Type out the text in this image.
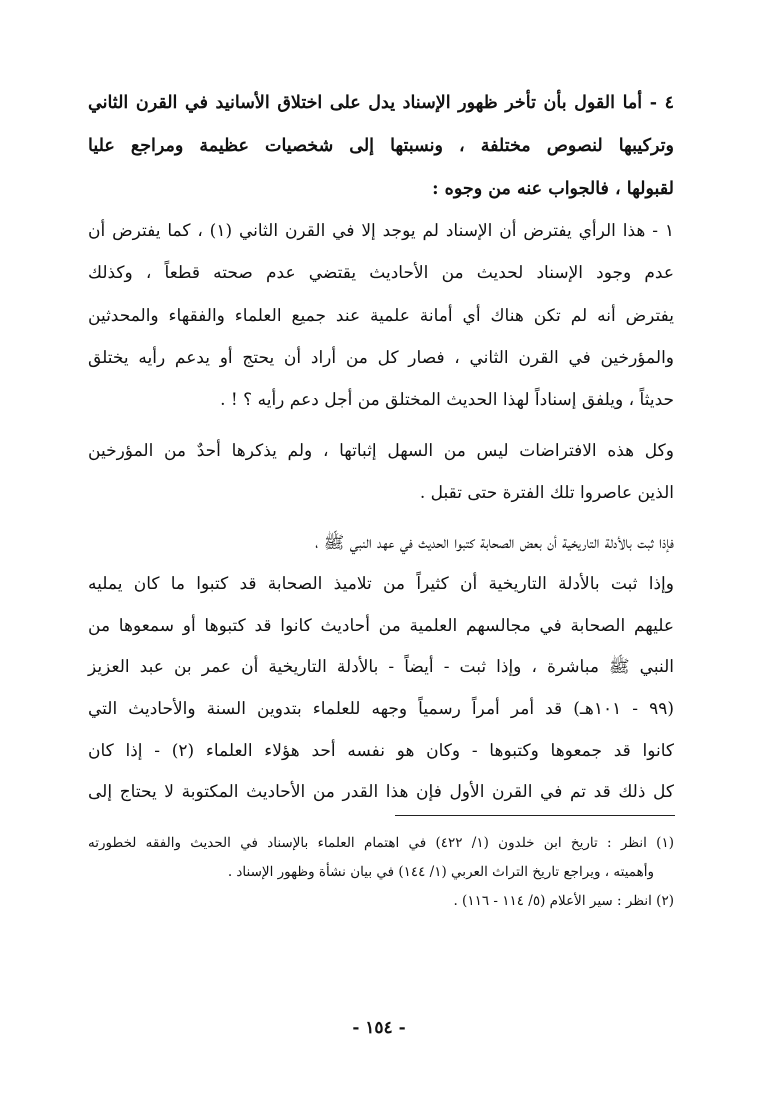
٤ - أما القول بأن تأخر ظهور الإسناد يدل على اختلاق الأسانيد في القرن الثاني
وتركيبها لنصوص مختلفة ، ونسبتها إلى شخصيات عظيمة ومراجع عليا
لقبولها ، فالجواب عنه من وجوه :
١ - هذا الرأي يفترض أن الإسناد لم يوجد إلا في القرن الثاني (١) ، كما يفترض أن
عدم وجود الإسناد لحديث من الأحاديث يقتضي عدم صحته قطعاً ، وكذلك
يفترض أنه لم تكن هناك أي أمانة علمية عند جميع العلماء والفقهاء والمحدثين
والمؤرخين في القرن الثاني ، فصار كل من أراد أن يحتج أو يدعم رأيه يختلق
حديثاً ، ويلفق إسناداً لهذا الحديث المختلق من أجل دعم رأيه ؟ ! .
وكل هذه الافتراضات ليس من السهل إثباتها ، ولم يذكرها أحدٌ من المؤرخين
الذين عاصروا تلك الفترة حتى تقبل .
فإذا ثبت بالأدلة التاريخية أن بعض الصحابة كتبوا الحديث في عهد النبي ﷺ ،
وإذا ثبت بالأدلة التاريخية أن كثيراً من تلاميذ الصحابة قد كتبوا ما كان يمليه
عليهم الصحابة في مجالسهم العلمية من أحاديث كانوا قد كتبوها أو سمعوها من
النبي ﷺ مباشرة ، وإذا ثبت - أيضاً - بالأدلة التاريخية أن عمر بن عبد العزيز
(٩٩ - ١٠١هـ) قد أمر أمراً رسمياً وجهه للعلماء بتدوين السنة والأحاديث التي
كانوا قد جمعوها وكتبوها - وكان هو نفسه أحد هؤلاء العلماء (٢) - إذا كان
كل ذلك قد تم في القرن الأول فإن هذا القدر من الأحاديث المكتوبة لا يحتاج إلى
(١) انظر : تاريخ ابن خلدون (١/ ٤٢٢) في اهتمام العلماء بالإسناد في الحديث والفقه لخطورته
وأهميته ، ويراجع تاريخ التراث العربي (١/ ١٤٤) في بيان نشأة وظهور الإسناد .
(٢) انظر : سير الأعلام (٥/ ١١٤ - ١١٦) .
- ١٥٤ -
